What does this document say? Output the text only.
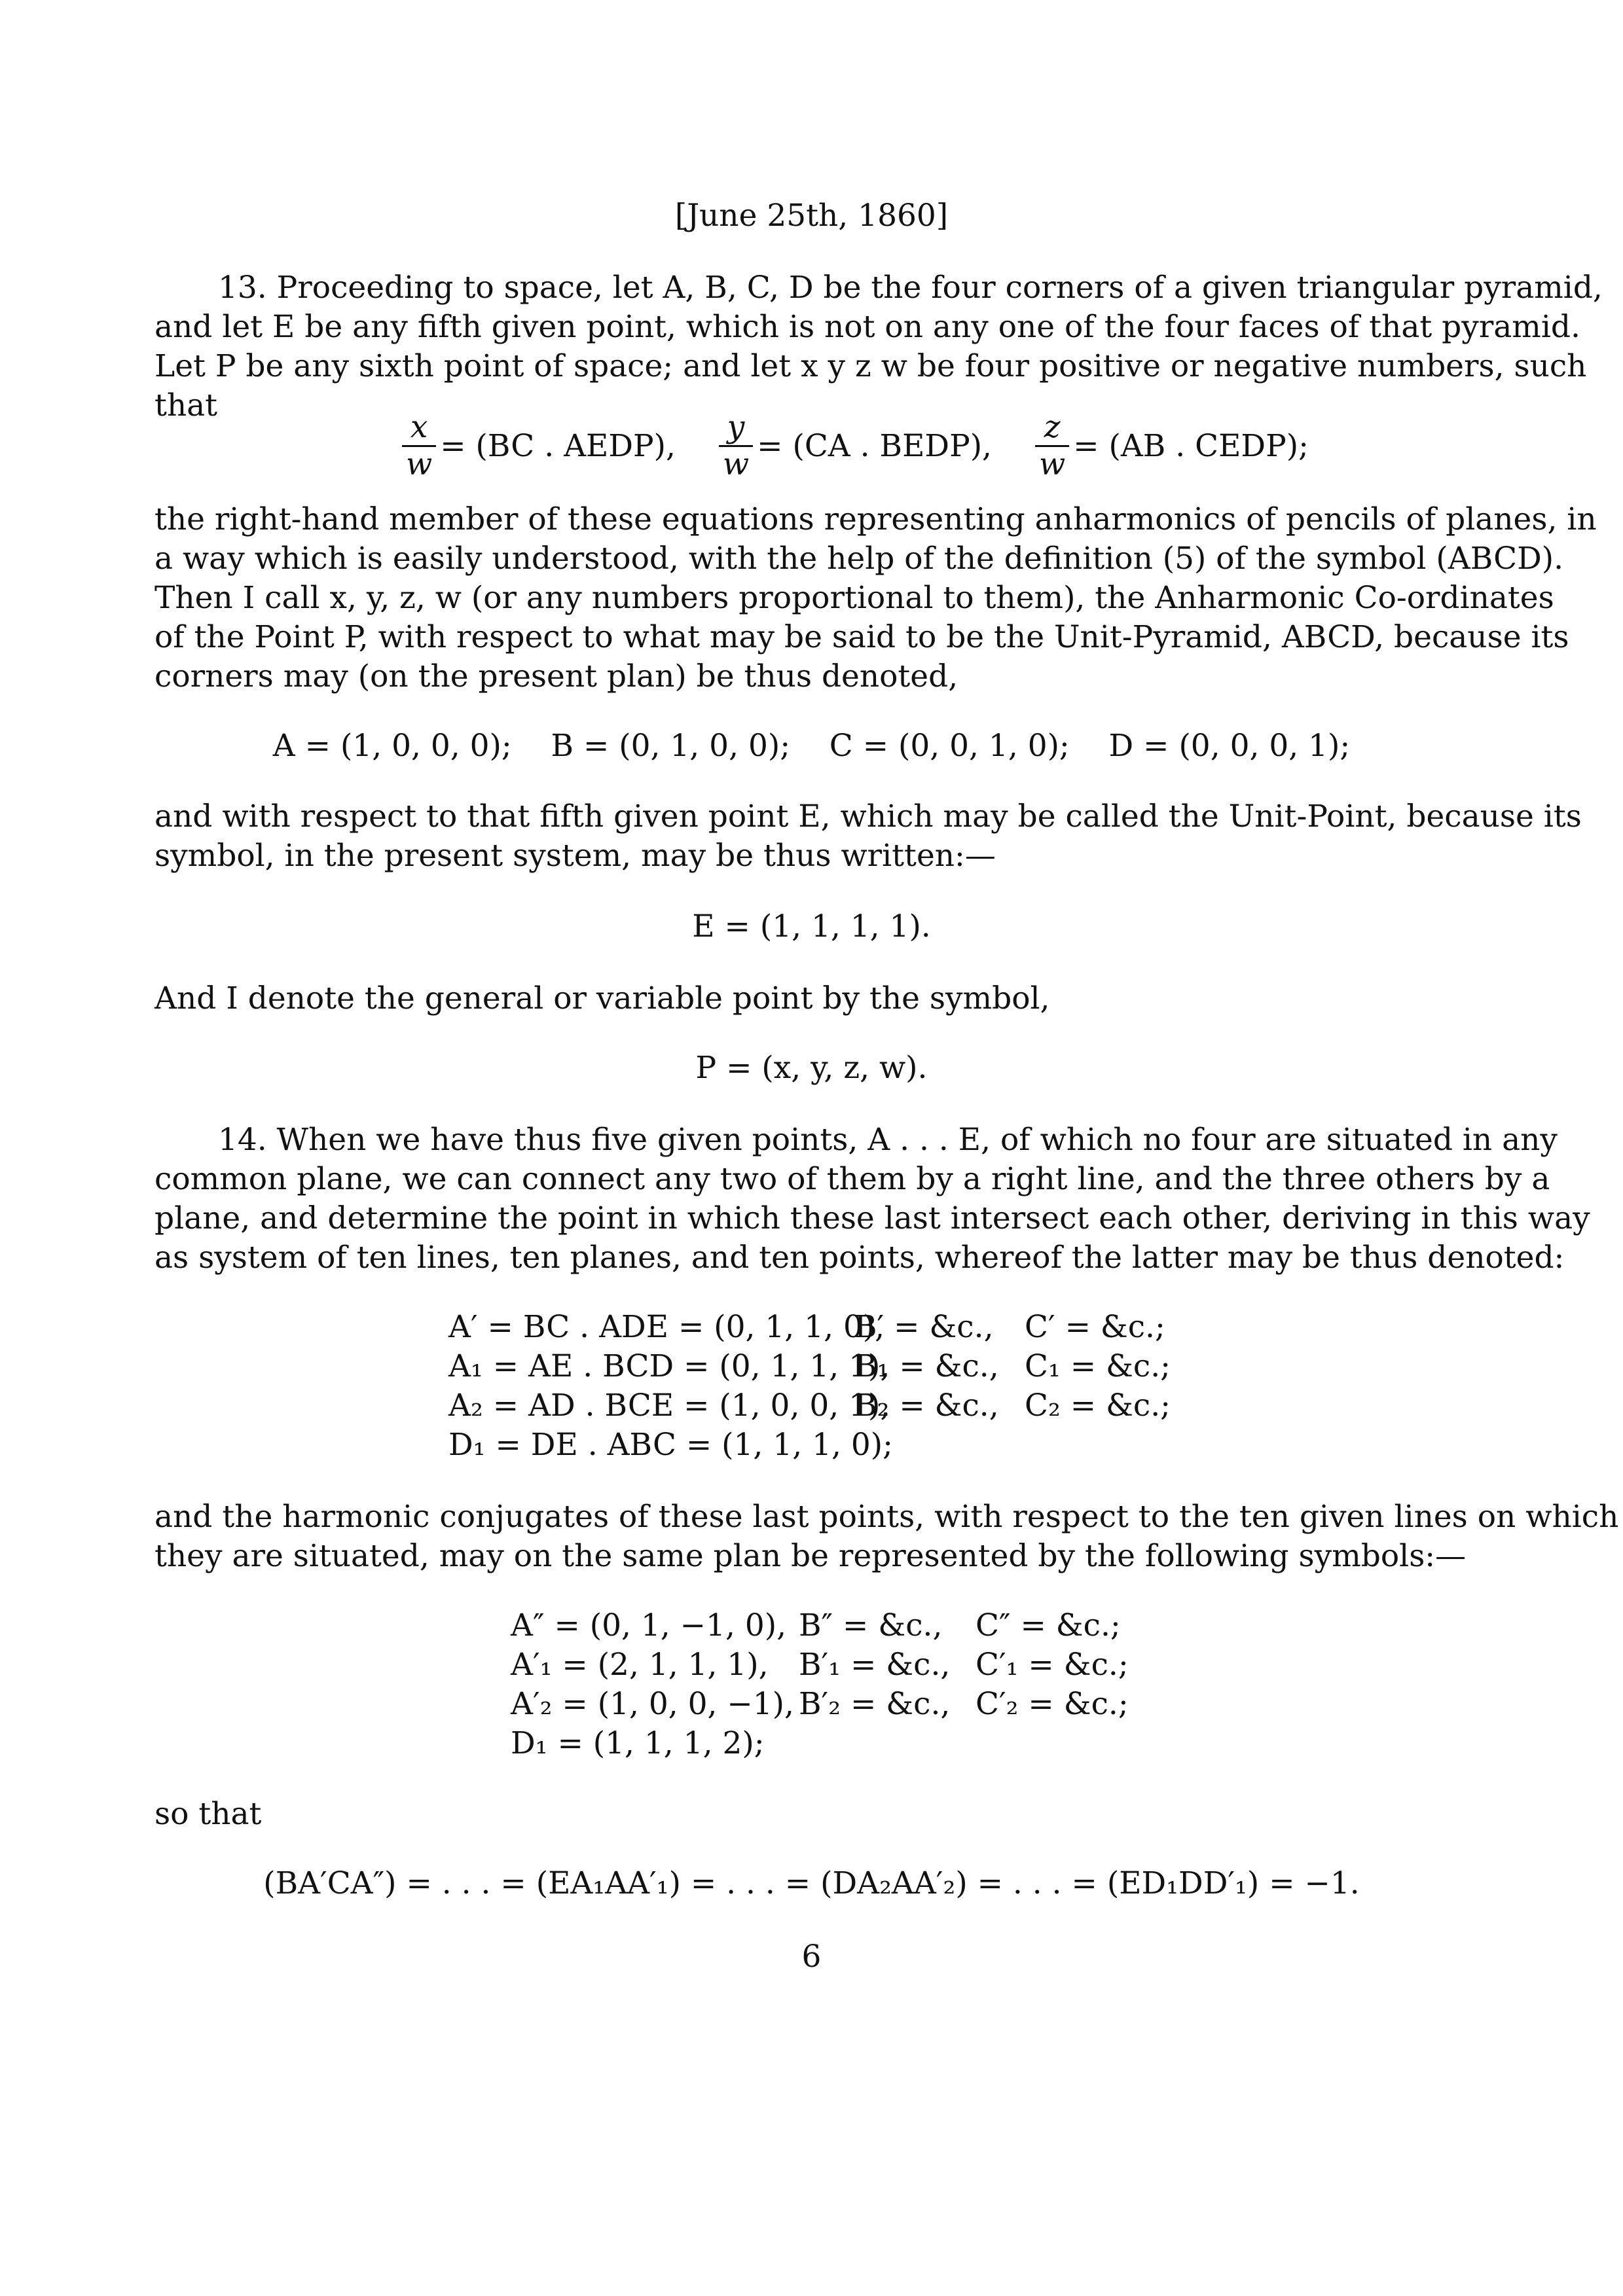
[June 25th, 1860]
13. Proceeding to space, let A, B, C, D be the four corners of a given triangular pyramid,
and let E be any fifth given point, which is not on any one of the four faces of that pyramid.
Let P be any sixth point of space; and let x y z w be four positive or negative numbers, such
that
$\frac{x}{w} = (BC$ . AEDP), $\frac{y}{w} = (CA$ . BEDP), $\frac{z}{w} = (AB$ . CEDP);
the right-hand member of these equations representing anharmonics of pencils of planes, in
a way which is easily understood, with the help of the definition (5) of the symbol (ABCD).
Then I call x, y, z, w (or any numbers proportional to them), the Anharmonic Co-ordinates
of the Point P, with respect to what may be said to be the Unit-Pyramid, ABCD, because its
corners may (on the present plan) be thus denoted,
A = (1, 0, 0, 0);    B = (0, 1, 0, 0);    C = (0, 0, 1, 0);    D = (0, 0, 0, 1);
and with respect to that fifth given point E, which may be called the Unit-Point, because its
symbol, in the present system, may be thus written:—
E = (1, 1, 1, 1).
And I denote the general or variable point by the symbol,
P = (x, y, z, w).
14. When we have thus five given points, A . . . E, of which no four are situated in any
common plane, we can connect any two of them by a right line, and the three others by a
plane, and determine the point in which these last intersect each other, deriving in this way
as system of ten lines, ten planes, and ten points, whereof the latter may be thus denoted:
A′ = BC . ADE = (0, 1, 1, 0),B′ = &c., C′ = &c.;
A₁ = AE . BCD = (0, 1, 1, 1),B₁ = &c., C₁ = &c.;
A₂ = AD . BCE = (1, 0, 0, 1),B₂ = &c., C₂ = &c.;
D₁ = DE . ABC = (1, 1, 1, 0);
and the harmonic conjugates of these last points, with respect to the ten given lines on which
they are situated, may on the same plan be represented by the following symbols:—
A″ = (0, 1, −1, 0), B″ = &c., C″ = &c.;
A′₁ = (2, 1, 1, 1), B′₁ = &c., C′₁ = &c.;
A′₂ = (1, 0, 0, −1), B′₂ = &c., C′₂ = &c.;
D₁ = (1, 1, 1, 2);
so that
(BA′CA″) = . . . = (EA₁AA′₁) = . . . = (DA₂AA′₂) = . . . = (ED₁DD′₁) = −1.
6
